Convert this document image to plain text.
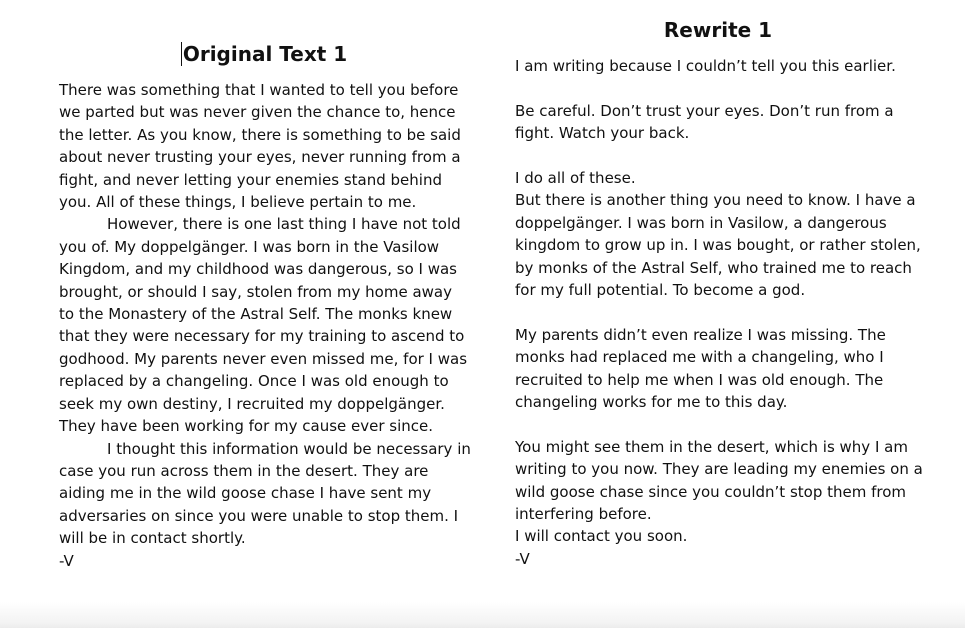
Original Text 1

There was something that I wanted to tell you before we parted but was never given the chance to, hence the letter. As you know, there is something to be said about never trusting your eyes, never running from a fight, and never letting your enemies stand behind you. All of these things, I believe pertain to me.

However, there is one last thing I have not told you of. My doppelgänger. I was born in the Vasilow Kingdom, and my childhood was dangerous, so I was brought, or should I say, stolen from my home away to the Monastery of the Astral Self. The monks knew that they were necessary for my training to ascend to godhood. My parents never even missed me, for I was replaced by a changeling. Once I was old enough to seek my own destiny, I recruited my doppelgänger. They have been working for my cause ever since.

I thought this information would be necessary in case you run across them in the desert. They are aiding me in the wild goose chase I have sent my adversaries on since you were unable to stop them. I will be in contact shortly.

-V

Rewrite 1

I am writing because I couldn’t tell you this earlier.

Be careful. Don’t trust your eyes. Don’t run from a fight. Watch your back.

I do all of these.

But there is another thing you need to know. I have a doppelgänger. I was born in Vasilow, a dangerous kingdom to grow up in. I was bought, or rather stolen, by monks of the Astral Self, who trained me to reach for my full potential. To become a god.

My parents didn’t even realize I was missing. The monks had replaced me with a changeling, who I recruited to help me when I was old enough. The changeling works for me to this day.

You might see them in the desert, which is why I am writing to you now. They are leading my enemies on a wild goose chase since you couldn’t stop them from interfering before.

I will contact you soon.

-V
